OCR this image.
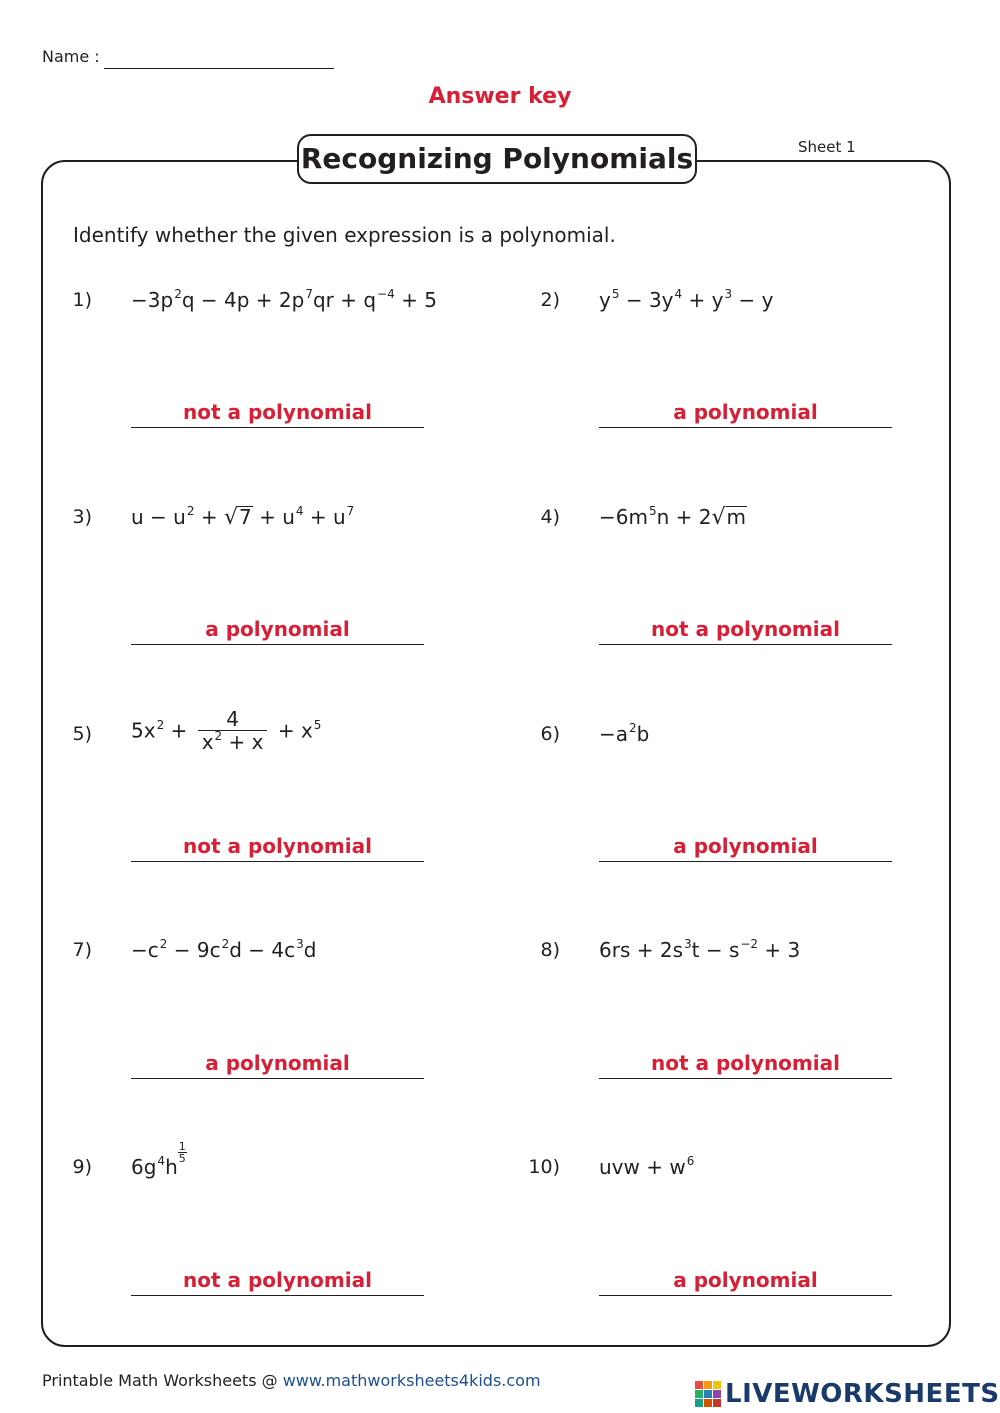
Name :
Answer key
Recognizing Polynomials	Sheet 1
Identify whether the given expression is a polynomial.
$1) -3p^2q - 4p + 2p^7qr + q^{-4} + 5$
not a polynomial
2) $y^5 - 3y^4 + y^3 - y$
a polynomial
3) $u - u^2 + √7 + u^4 + u^7$
a polynomial
$4) -6m^5n + 2√m$
not a polynomial
5) $5x^2 + \frac{4}{x^2 + x} + x^5$
not a polynomial
$6) -a^2b$
a polynomial
$7) -c^2 - 9c^2d - 4c^3d$
a polynomial
8) $6rs + 2s^3t - s^{-2} + 3$
not a polynomial
9) $6g^4h$
$\frac{1}{5}$
not a polynomial
10) uvw + $w^6$
a polynomial
Printable Math Worksheets @ www.mathworksheets4kids.com	LIVEWORKSHEETS
